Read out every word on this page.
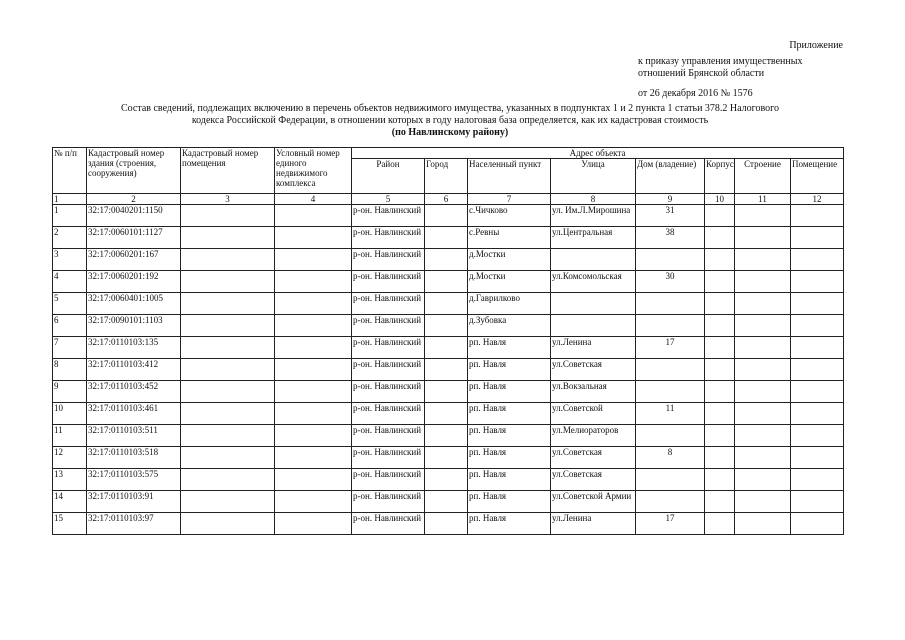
Приложение
к приказу управления имущественных отношений Брянской области
от 26 декабря 2016 № 1576
Состав сведений, подлежащих включению в перечень объектов недвижимого имущества, указанных в подпунктах 1 и 2 пункта 1 статьи 378.2 Налогового
кодекса Российской Федерации, в отношении которых в году налоговая база определяется, как их кадастровая стоимость
(по Навлинскому району)
№ п/п	Кадастровый номер здания (строения, сооружения)	Кадастровый номер помещения	Условный номер единого недвижимого комплекса	Адрес объекта							
				Район	Город	Населенный пункт	Улица	Дом (владение)	Корпус	Строение	Помещение
1	2	3	4	5	6	7	8	9	10	11	12
1	32:17:0040201:1150			р-он. Навлинский		с.Чичково	ул. Им.Л.Мирошина	31			
2	32:17:0060101:1127			р-он. Навлинский		с.Ревны	ул.Центральная	38			
3	32:17:0060201:167			р-он. Навлинский		д.Мостки					
4	32:17:0060201:192			р-он. Навлинский		д.Мостки	ул.Комсомольская	30			
5	32:17:0060401:1005			р-он. Навлинский		д.Гаврилково					
6	32:17:0090101:1103			р-он. Навлинский		д.Зубовка					
7	32:17:0110103:135			р-он. Навлинский		рп. Навля	ул.Ленина	17			
8	32:17:0110103:412			р-он. Навлинский		рп. Навля	ул.Советская				
9	32:17:0110103:452			р-он. Навлинский		рп. Навля	ул.Вокзальная				
10	32:17:0110103:461			р-он. Навлинский		рп. Навля	ул.Советской	11			
11	32:17:0110103:511			р-он. Навлинский		рп. Навля	ул.Мелиораторов				
12	32:17:0110103:518			р-он. Навлинский		рп. Навля	ул.Советская	8			
13	32:17:0110103:575			р-он. Навлинский		рп. Навля	ул.Советская				
14	32:17:0110103:91			р-он. Навлинский		рп. Навля	ул.Советской Армии				
15	32:17:0110103:97			р-он. Навлинский		рп. Навля	ул.Ленина	17			
